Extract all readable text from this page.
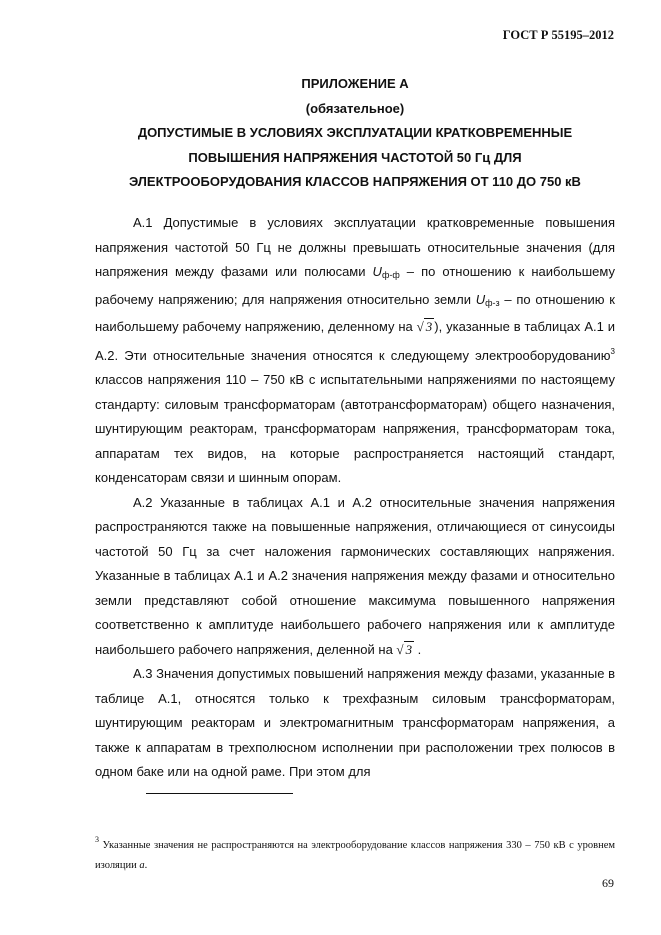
ГОСТ Р 55195–2012
ПРИЛОЖЕНИЕ А
(обязательное)
ДОПУСТИМЫЕ В УСЛОВИЯХ ЭКСПЛУАТАЦИИ КРАТКОВРЕМЕННЫЕ
ПОВЫШЕНИЯ НАПРЯЖЕНИЯ ЧАСТОТОЙ 50 Гц ДЛЯ
ЭЛЕКТРООБОРУДОВАНИЯ КЛАССОВ НАПРЯЖЕНИЯ ОТ 110 ДО 750 кВ

А.1 Допустимые в условиях эксплуатации кратковременные повышения напряжения частотой 50 Гц не должны превышать относительные значения (для напряжения между фазами или полюсами $U_{ф-ф}$ – по отношению к наибольшему рабочему напряжению; для напряжения относительно земли $U_{ф-з}$ – по отношению к наибольшему рабочему напряжению, деленному на √ 3 ), указанные в таблицах А.1 и А.2. Эти относительные значения относятся к следующему электрооборудованию$^3$ классов напряжения 110 – 750 кВ с испытательными напряжениями по настоящему стандарту: силовым трансформаторам (автотрансформаторам) общего назначения, шунтирующим реакторам, трансформаторам напряжения, трансформаторам тока, аппаратам тех видов, на которые распространяется настоящий стандарт, конденсаторам связи и шинным опорам.

А.2 Указанные в таблицах А.1 и А.2 относительные значения напряжения распространяются также на повышенные напряжения, отличающиеся от синусоиды частотой 50 Гц за счет наложения гармонических составляющих напряжения. Указанные в таблицах А.1 и А.2 значения напряжения между фазами и относительно земли представляют собой отношение максимума повышенного напряжения соответственно к амплитуде наибольшего рабочего напряжения или к амплитуде наибольшего рабочего напряжения, деленной на √ 3 .

А.3 Значения допустимых повышений напряжения между фазами, указанные в таблице А.1, относятся только к трехфазным силовым трансформаторам, шунтирующим реакторам и электромагнитным трансформаторам напряжения, а также к аппаратам в трехполюсном исполнении при расположении трех полюсов в одном баке или на одной раме. При этом для

$^3$ Указанные значения не распространяются на электрооборудование классов напряжения 330 – 750 кВ с уровнем изоляции а.
69
